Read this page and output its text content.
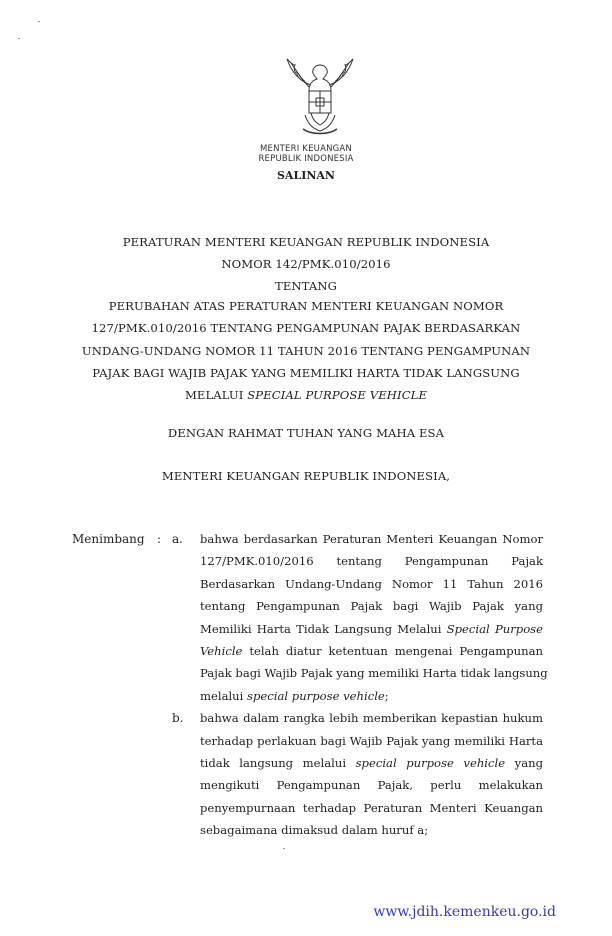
MENTERI KEUANGAN
REPUBLIK INDONESIA
SALINAN
PERATURAN MENTERI KEUANGAN REPUBLIK INDONESIA
NOMOR 142/PMK.010/2016
TENTANG
PERUBAHAN ATAS PERATURAN MENTERI KEUANGAN NOMOR
127/PMK.010/2016 TENTANG PENGAMPUNAN PAJAK BERDASARKAN
UNDANG-UNDANG NOMOR 11 TAHUN 2016 TENTANG PENGAMPUNAN
PAJAK BAGI WAJIB PAJAK YANG MEMILIKI HARTA TIDAK LANGSUNG
MELALUI SPECIAL PURPOSE VEHICLE
DENGAN RAHMAT TUHAN YANG MAHA ESA
MENTERI KEUANGAN REPUBLIK INDONESIA,
Menimbang : a. bahwa berdasarkan Peraturan Menteri Keuangan Nomor
127/PMK.010/2016 tentang Pengampunan Pajak
Berdasarkan Undang-Undang Nomor 11 Tahun 2016
tentang Pengampunan Pajak bagi Wajib Pajak yang
Memiliki Harta Tidak Langsung Melalui Special Purpose
Vehicle telah diatur ketentuan mengenai Pengampunan
Pajak bagi Wajib Pajak yang memiliki Harta tidak langsung
melalui special purpose vehicle;
b. bahwa dalam rangka lebih memberikan kepastian hukum
terhadap perlakuan bagi Wajib Pajak yang memiliki Harta
tidak langsung melalui special purpose vehicle yang
mengikuti Pengampunan Pajak, perlu melakukan
penyempurnaan terhadap Peraturan Menteri Keuangan
sebagaimana dimaksud dalam huruf a;
www.jdih.kemenkeu.go.id
